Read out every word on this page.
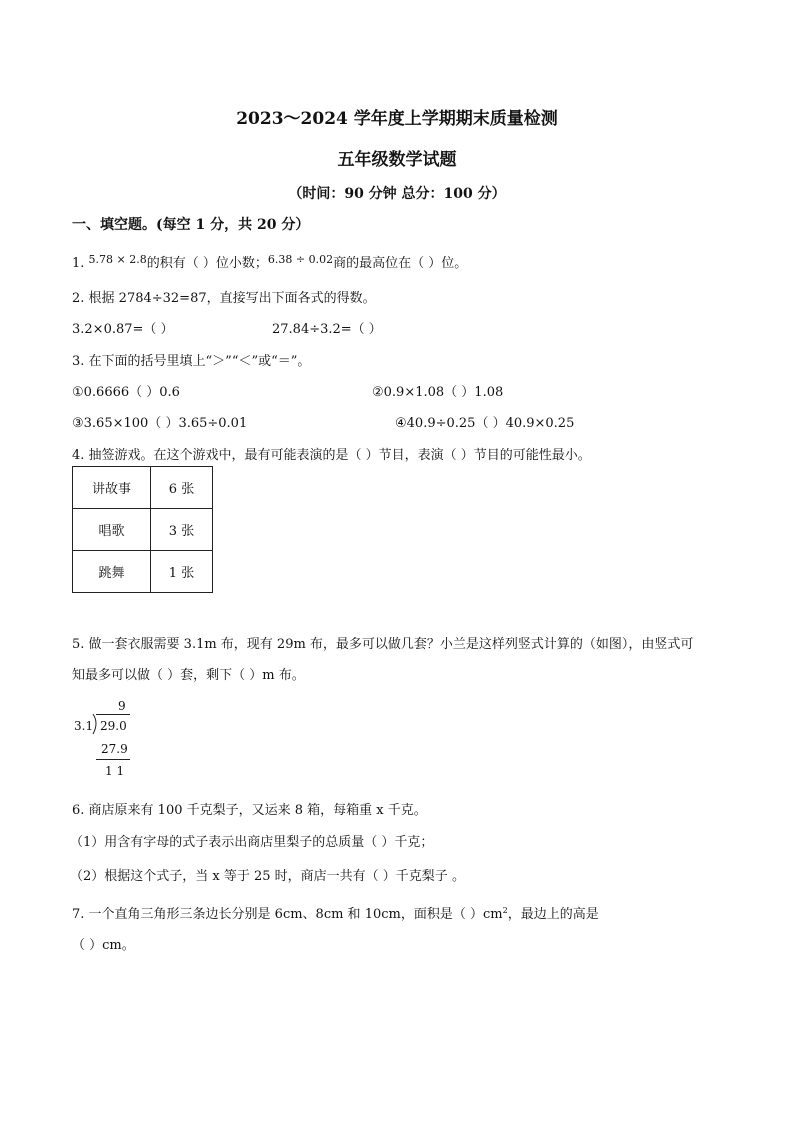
2023～2024 学年度上学期期末质量检测
五年级数学试题
（时间：90 分钟 总分：100 分）
一、填空题。(每空 1 分，共 20 分）
1. $^{5.78 \times 2.8}$的积有（ ）位小数；$^{6.38 \div 0.02}$商的最高位在（ ）位。
2. 根据 2784÷32=87，直接写出下面各式的得数。
3.2×0.87=（ ）	27.84÷3.2=（ ）
3. 在下面的括号里填上“＞”“＜”或“＝”。
①0.6666（ ）0.6	②0.9×1.08（ ）1.08
③3.65×100（ ）3.65÷0.01	④40.9÷0.25（ ）40.9×0.25
4. 抽签游戏。在这个游戏中，最有可能表演的是（ ）节目，表演（ ）节目的可能性最小。
讲故事	6 张
唱歌	3 张
跳舞	1 张
5. 做一套衣服需要 3.1m 布，现有 29m 布，最多可以做几套？小兰是这样列竖式计算的（如图），由竖式可
知最多可以做（ ）套，剩下（ ）m 布。
9
3.1 29.0
27.9
1 1
6. 商店原来有 100 千克梨子，又运来 8 箱，每箱重 x 千克。
（1）用含有字母的式子表示出商店里梨子的总质量（ ）千克；
（2）根据这个式子，当 x 等于 25 时，商店一共有（ ）千克梨子 。
7. 一个直角三角形三条边长分别是 6cm、8cm 和 10cm，面积是（ ）$cm^2$，最边上的高是
（ ）cm。
